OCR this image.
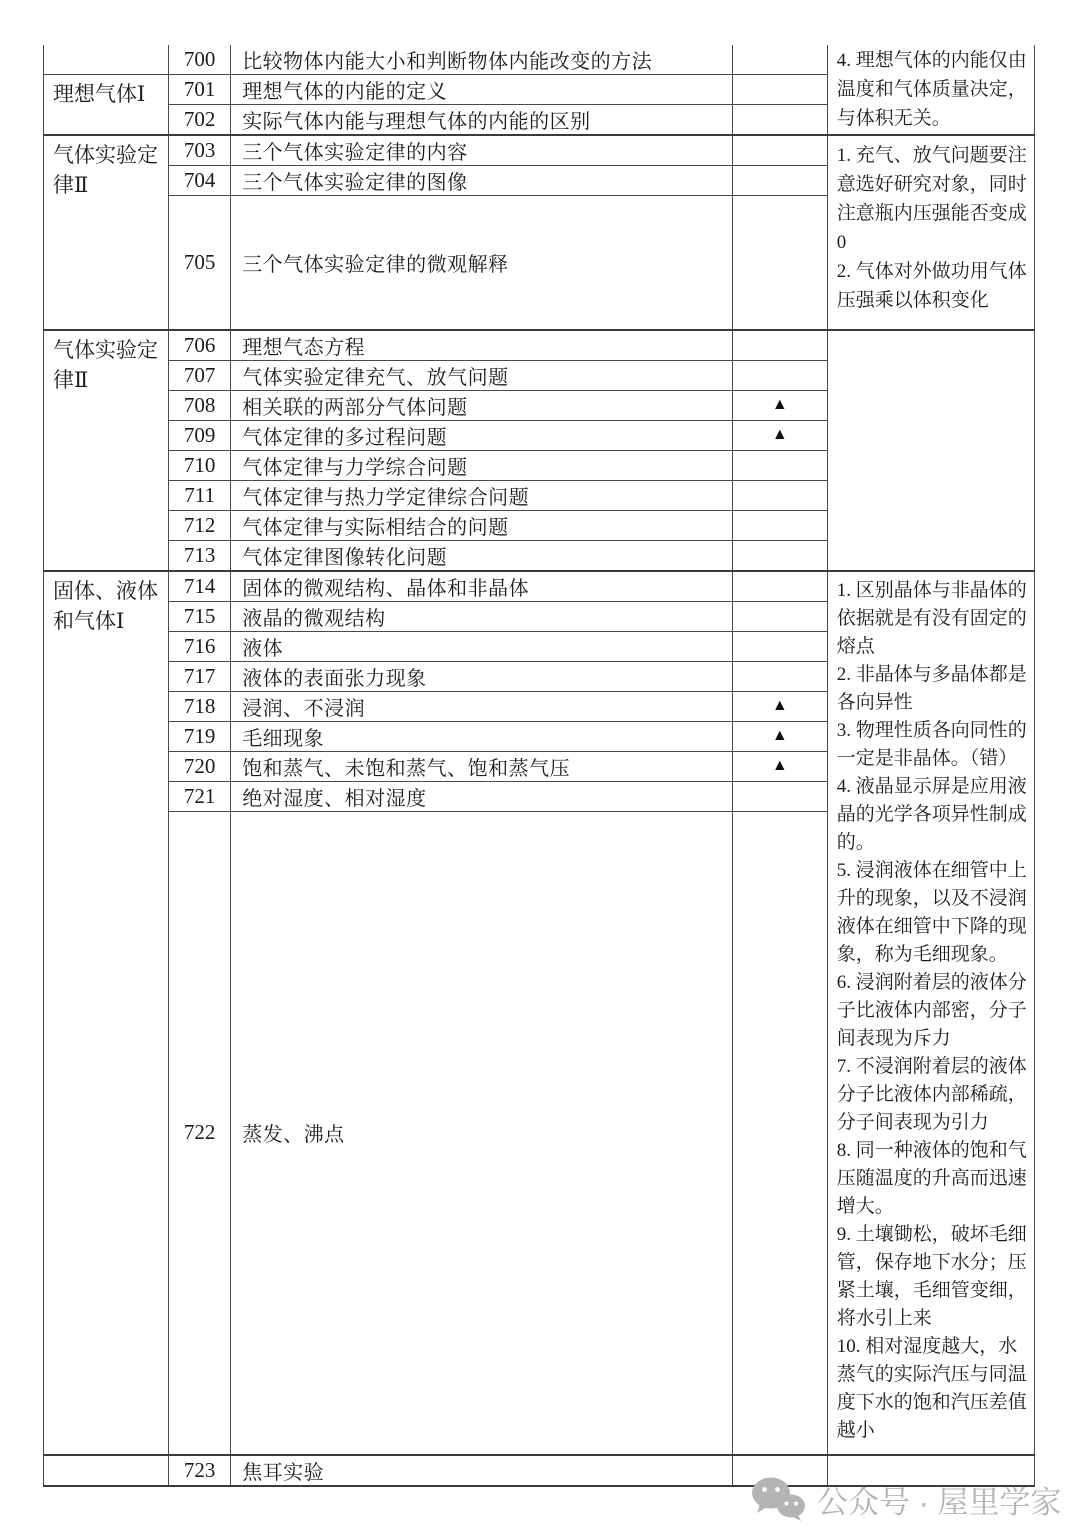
	700	比较物体内能大小和判断物体内能改变的方法		4. 理想气体的内能仅由温度和气体质量决定，与体积无关。

理想气体Ⅰ	701	理想气体的内能的定义		
	702	实际气体内能与理想气体的内能的区别		
气体实验定律Ⅱ	703	三个气体实验定律的内容		1. 充气、放气问题要注意选好研究对象，同时注意瓶内压强能否变成0

2. 气体对外做功用气体压强乘以体积变化

	704	三个气体实验定律的图像		
	705	三个气体实验定律的微观解释		
气体实验定律Ⅱ	706	理想气态方程		
	707	气体实验定律充气、放气问题		
	708	相关联的两部分气体问题	▲	
	709	气体定律的多过程问题	▲	
	710	气体定律与力学综合问题		
	711	气体定律与热力学定律综合问题		
	712	气体定律与实际相结合的问题		
	713	气体定律图像转化问题		
固体、液体和气体Ⅰ	714	固体的微观结构、晶体和非晶体		1. 区别晶体与非晶体的依据就是有没有固定的熔点

2. 非晶体与多晶体都是各向异性

3. 物理性质各向同性的一定是非晶体。（错）

4. 液晶显示屏是应用液晶的光学各项异性制成的。

5. 浸润液体在细管中上升的现象，以及不浸润液体在细管中下降的现象，称为毛细现象。

6. 浸润附着层的液体分子比液体内部密，分子间表现为斥力

7. 不浸润附着层的液体分子比液体内部稀疏，分子间表现为引力

8. 同一种液体的饱和气压随温度的升高而迅速增大。

9. 土壤锄松，破坏毛细管，保存地下水分；压紧土壤，毛细管变细，将水引上来

10. 相对湿度越大，水蒸气的实际汽压与同温度下水的饱和汽压差值越小

	715	液晶的微观结构		
	716	液体		
	717	液体的表面张力现象		
	718	浸润、不浸润	▲	
	719	毛细现象	▲	
	720	饱和蒸气、未饱和蒸气、饱和蒸气压	▲	
	721	绝对湿度、相对湿度		
	722	蒸发、沸点		
	723	焦耳实验		
公众号 · 屋里学家
